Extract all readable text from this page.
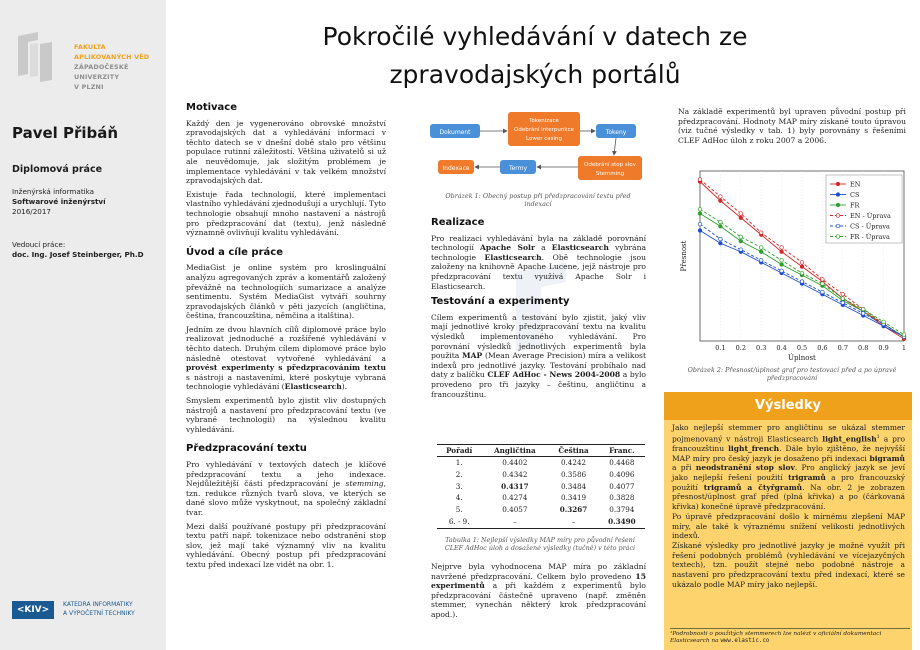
FAKULTA
APLIKOVANÝCH VĚD
ZÁPADOČESKÉ
UNIVERZITY
V PLZNI
Pavel Přibáň
Diplomová práce
Inženýrská informatika
Softwarové inženýrství
2016/2017
Vedoucí práce:
doc. Ing. Josef Steinberger, Ph.D
<KIV>
KATEDRA INFORMATIKY
A VÝPOČETNÍ TECHNIKY
Pokročilé vyhledávání v datech ze
zpravodajských portálů
Motivace

Každý den je vygenerováno obrovské množství zpravodajských dat a vyhledávání informací v těchto datech se v dnešní době stalo pro většinu populace rutinní záležitostí. Většina uživatelů si už ale neuvědomuje, jak složitým problémem je implementace vyhledávání v tak velkém množství zpravodajských dat.

Existuje řada technologií, které implementaci vlastního vyhledávání zjednodušují a urychlují. Tyto technologie obsahují mnoho nastavení a nástrojů pro předzpracování dat (textu), jenž následně významně ovlivňují kvalitu vyhledávání.

Úvod a cíle práce

MediaGist je online systém pro kroslinguální analýzu agregovaných zpráv a komentářů založený převážně na technologiích sumarizace a analýze sentimentu. Systém MediaGist vytváří souhrny zpravodajských článků v pěti jazycích (angličtina, čeština, francouzština, němčina a italština).

Jedním ze dvou hlavních cílů diplomové práce bylo realizovat jednoduché a rozšířené vyhledávání v těchto datech. Druhým cílem diplomové práce bylo následně otestovat vytvořené vyhledávání a provést experimenty s předzpracováním textu s nástroji a nastaveními, které poskytuje vybraná technologie vyhledávání (Elasticsearch).

Smyslem experimentů bylo zjistit vliv dostupných nástrojů a nastavení pro předzpracování textu (ve vybrané technologii) na výslednou kvalitu vyhledávání.

Předzpracování textu

Pro vyhledávání v textových datech je klíčové předzpracování textu a jeho indexace. Nejdůležitější částí předzpracování je stemming, tzn. redukce různých tvarů slova, ve kterých se dané slovo může vyskytnout, na společný základní tvar.

Mezi další používané postupy při předzpracování textu patří např. tokenizace nebo odstranění stop slov, jež mají také významný vliv na kvalitu vyhledávání. Obecný postup při předzpracování textu před indexací lze vidět na obr. 1.

Dokument
Tokenizace
Odebrání interpunkce
Lower casing
Tokeny
Odebrání stop slov
Stemming
Termy
Indexace
Obrázek 1: Obecný postup při předzpracování textu před indexací
Realizace

Pro realizaci vyhledávání byla na základě porovnání technologií Apache Solr a Elasticsearch vybrána technologie Elasticsearch. Obě technologie jsou založeny na knihovně Apache Lucene, jejž nástroje pro předzpracování textu využívá Apache Solr i Elasticsearch.

Testování a experimenty

Cílem experimentů a testování bylo zjistit, jaký vliv mají jednotlivé kroky předzpracování textu na kvalitu výsledků implementovaného vyhledávání. Pro porovnání výsledků jednotlivých experimentů byla použita MAP (Mean Average Precision) míra a velikost indexů pro jednotlivé jazyky. Testování probíhalo nad daty z balíčku CLEF AdHoc - News 2004-2008 a bylo provedeno pro tři jazyky – češtinu, angličtinu a francouzštinu.

Pořadí	Angličtina	Čeština	Franc.
1.	0.4402	0.4242	0.4468
2.	0.4342	0.3586	0.4096
3.	0.4317	0.3484	0.4077
4.	0.4274	0.3419	0.3828
5.	0.4057	0.3267	0.3794
6. - 9.	–	–	0.3490
Tabulka 1: Nejlepší výsledky MAP míry pro původní řešení CLEF AdHoc úloh a dosažené výsledky (tučně) v této práci

Nejprve byla vyhodnocena MAP míra po základní navržené předzpracování. Celkem bylo provedeno 15 experimentů a při každém z experimentů bylo předzpracování částečně upraveno (např. změněn stemmer, vynechán některý krok předzpracování apod.).

Na základě experimentů byl upraven původní postup při předzpracování. Hodnoty MAP míry získané touto úpravou (viz tučné výsledky v tab. 1) byly porovnány s řešeními CLEF AdHoc úloh z roku 2007 a 2006.

0.1 0.2 0.3 0.4 0.5 0.6 0.7 0.8 0.9 1
Úplnost
Přesnost
EN
CS
FR
EN - Úprava
CS - Úprava
FR - Úprava
Obrázek 2: Přesnost/úplnost graf pro testovací před a po úpravě předzpracování
Výsledky

Jako nejlepší stemmer pro angličtinu se ukázal stemmer pojmenovaný v nástroji Elasticsearch light_english$^1$ a pro francouzštinu light_french. Dále bylo zjištěno, že nejvyšší MAP míry pro český jazyk je dosaženo při indexaci bigramů a při neodstranění stop slov. Pro anglický jazyk se jeví jako nejlepší řešení použití trigramů a pro francouzský použití trigramů a čtyřgramů. Na obr. 2 je zobrazen přesnost/úplnost graf před (plná křivka) a po (čárkovaná křivka) konečné úpravě předzpracování.

Po úpravě předzpracování došlo k mírnému zlepšení MAP míry, ale také k výraznému snížení velikosti jednotlivých indexů.

Získané výsledky pro jednotlivé jazyky je možné využít při řešení podobných problémů (vyhledávání ve vícejazyčných textech), tzn. použít stejné nebo podobné nástroje a nastavení pro předzpracování textu před indexací, které se ukázalo podle MAP míry jako nejlepší.

¹Podrobnosti o použitých stemmerech lze nalézt v oficiální dokumentaci Elasticsearch na www.elastic.co
